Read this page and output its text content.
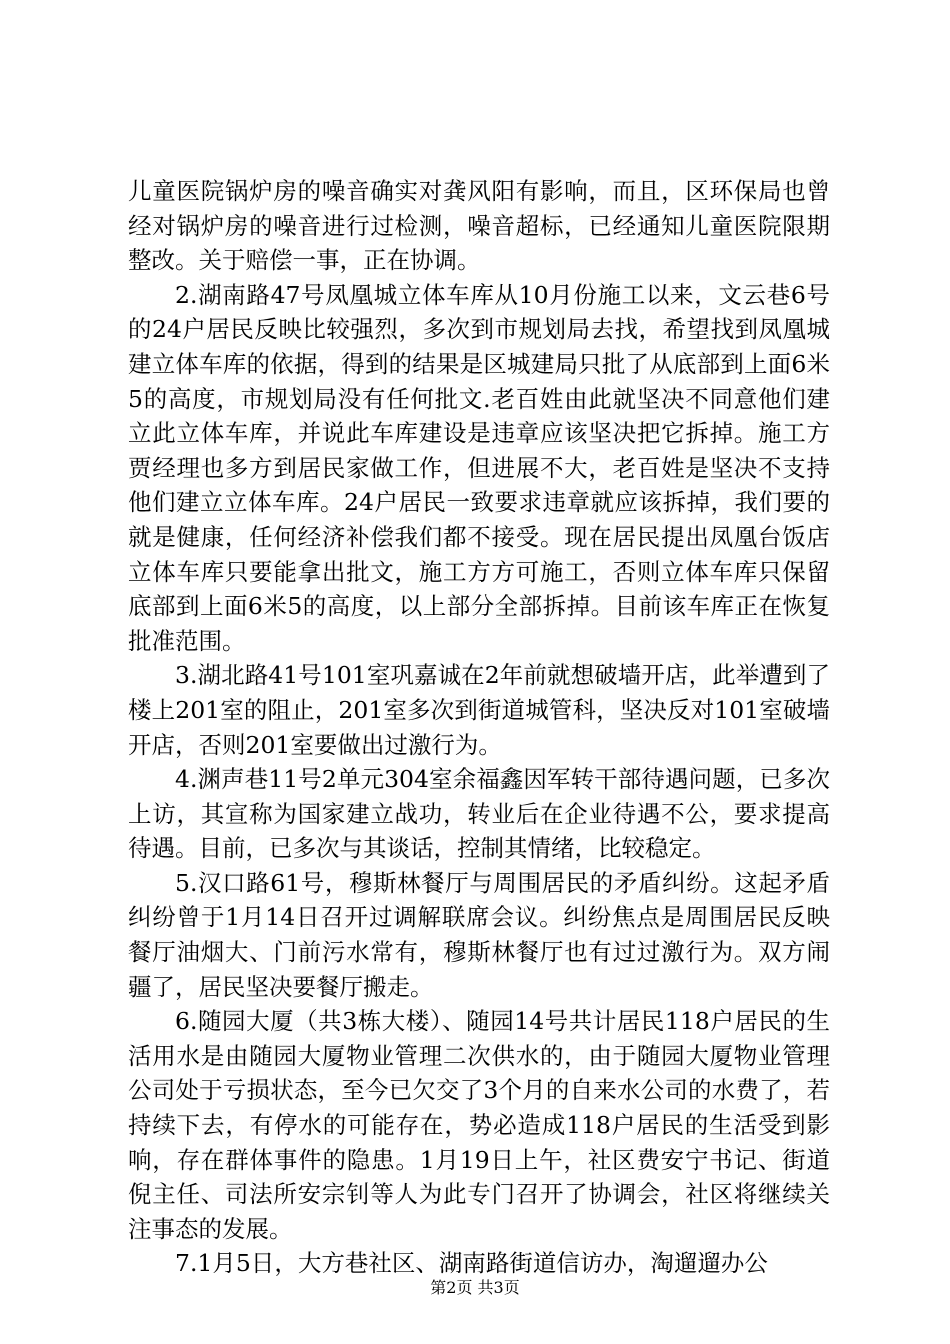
儿童医院锅炉房的噪音确实对龚风阳有影响，而且，区环保局也曾经对锅炉房的噪音进行过检测，噪音超标，已经通知儿童医院限期整改。关于赔偿一事，正在协调。

2.湖南路47号凤凰城立体车库从10月份施工以来，文云巷6号的24户居民反映比较强烈，多次到市规划局去找，希望找到凤凰城建立体车库的依据，得到的结果是区城建局只批了从底部到上面6米5的高度，市规划局没有任何批文.老百姓由此就坚决不同意他们建立此立体车库，并说此车库建设是违章应该坚决把它拆掉。施工方贾经理也多方到居民家做工作，但进展不大，老百姓是坚决不支持他们建立立体车库。24户居民一致要求违章就应该拆掉，我们要的就是健康，任何经济补偿我们都不接受。现在居民提出凤凰台饭店立体车库只要能拿出批文，施工方方可施工，否则立体车库只保留底部到上面6米5的高度，以上部分全部拆掉。目前该车库正在恢复批准范围。

3.湖北路41号101室巩嘉诚在2年前就想破墙开店，此举遭到了楼上201室的阻止，201室多次到街道城管科，坚决反对101室破墙开店，否则201室要做出过激行为。

4.渊声巷11号2单元304室余福鑫因军转干部待遇问题，已多次上访，其宣称为国家建立战功，转业后在企业待遇不公，要求提高待遇。目前，已多次与其谈话，控制其情绪，比较稳定。

5.汉口路61号，穆斯林餐厅与周围居民的矛盾纠纷。这起矛盾纠纷曾于1月14日召开过调解联席会议。纠纷焦点是周围居民反映餐厅油烟大、门前污水常有，穆斯林餐厅也有过过激行为。双方闹疆了，居民坚决要餐厅搬走。

6.随园大厦（共3栋大楼）、随园14号共计居民118户居民的生活用水是由随园大厦物业管理二次供水的，由于随园大厦物业管理公司处于亏损状态，至今已欠交了3个月的自来水公司的水费了，若持续下去，有停水的可能存在，势必造成118户居民的生活受到影响，存在群体事件的隐患。1月19日上午，社区费安宁书记、街道倪主任、司法所安宗钊等人为此专门召开了协调会，社区将继续关注事态的发展。

7.1月5日，大方巷社区、湖南路街道信访办，淘遛遛办公

第2页 共3页
